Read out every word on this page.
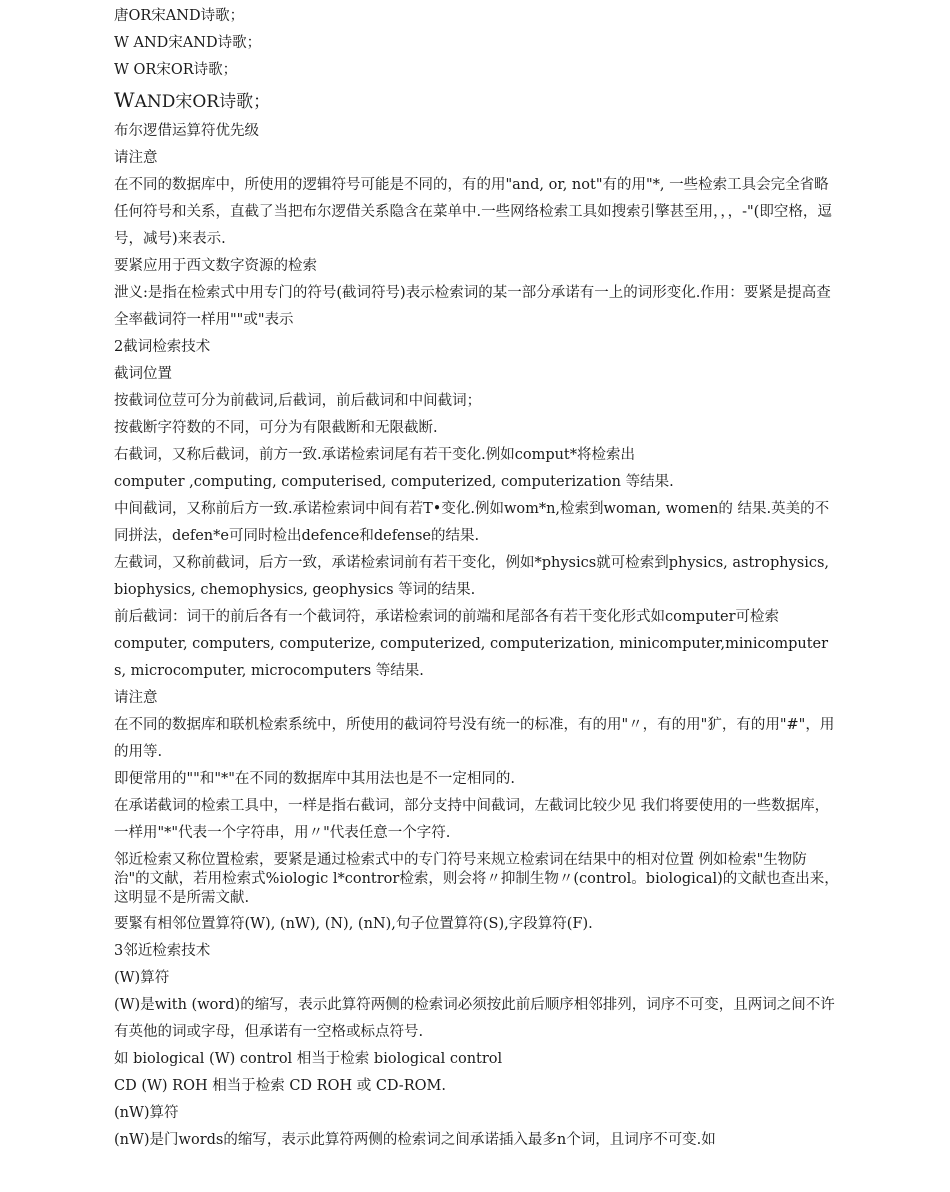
唐OR宋AND诗歌；
W AND宋AND诗歌；
W OR宋OR诗歌；
WAND宋OR诗歌；
布尔逻借运算符优先级
请注意
在不同的数据库中，所使用的逻辑符号可能是不同的，有的用"and, or, not"有的用"*, 一些检索工具会完全省略任何符号和关系，直截了当把布尔逻借关系隐含在菜单中.一些网络检索工具如搜索引擎甚至用，，，-"(即空格，逗号，减号)来表示.
要紧应用于西文数字资源的检索
泄义:是指在检索式中用专门的符号(截词符号)表示检索词的某一部分承诺有一上的词形变化.作用：要紧是提高查全率截词符一样用""或"表示
2截词检索技术
截词位置
按截词位荳可分为前截词,后截词，前后截词和中间截词；
按截断字符数的不同，可分为有限截断和无限截断.
右截词，又称后截词，前方一致.承诺检索词尾有若干变化.例如comput*将检索出
computer ,computing, computerised, computerized, computerization 等结果.
中间截词，又称前后方一致.承诺检索词中间有若T•变化.例如wom*n,检索到woman, women的 结果.英美的不同拼法，defen*e可同时检出defence和defense的结果.
左截词，又称前截词，后方一致，承诺检索词前有若干变化，例如*physics就可检索到physics, astrophysics, biophysics, chemophysics, geophysics 等词的结果.
前后截词：词干的前后各有一个截词符，承诺检索词的前端和尾部各有若干变化形式如computer可检索
computer, computers, computerize, computerized, computerization, minicomputer,minicomputers, microcomputer, microcomputers 等结果.
请注意
在不同的数据库和联机检索系统中，所使用的截词符号没有统一的标准，有的用"〃，有的用"犷，有的用"#"，用的用等.
即便常用的""和"*"在不同的数据库中其用法也是不一定相同的.
在承诺截词的检索工具中，一样是指右截词，部分支持中间截词，左截词比较少见 我们将要使用的一些数据库，一样用"*"代表一个字符串，用〃"代表任意一个字符.
邻近检索又称位置检索，要紧是通过检索式中的专门符号来规立检索词在结果中的相对位置 例如检索"生物防治"的文献，若用检索式%iologic l*contror检索，则会将〃抑制生物〃(control。biological)的文献也查出来，这明显不是所需文献.
要緊有相邻位置算符(W), (nW), (N), (nN),句子位置算符(S),字段算符(F).
3邻近检索技术
(W)算符
(W)是with (word)的缩写，表示此算符两侧的检索词必须按此前后顺序相邻排列，词序不可变，且两词之间不许有英他的词或字母，但承诺有一空格或标点符号.
如 biological (W) control 相当于检索 biological control
CD (W) ROH 相当于检索 CD ROH 或 CD-ROM.
(nW)算符
(nW)是门words的缩写，表示此算符两侧的检索词之间承诺插入最多n个词，且词序不可变.如
